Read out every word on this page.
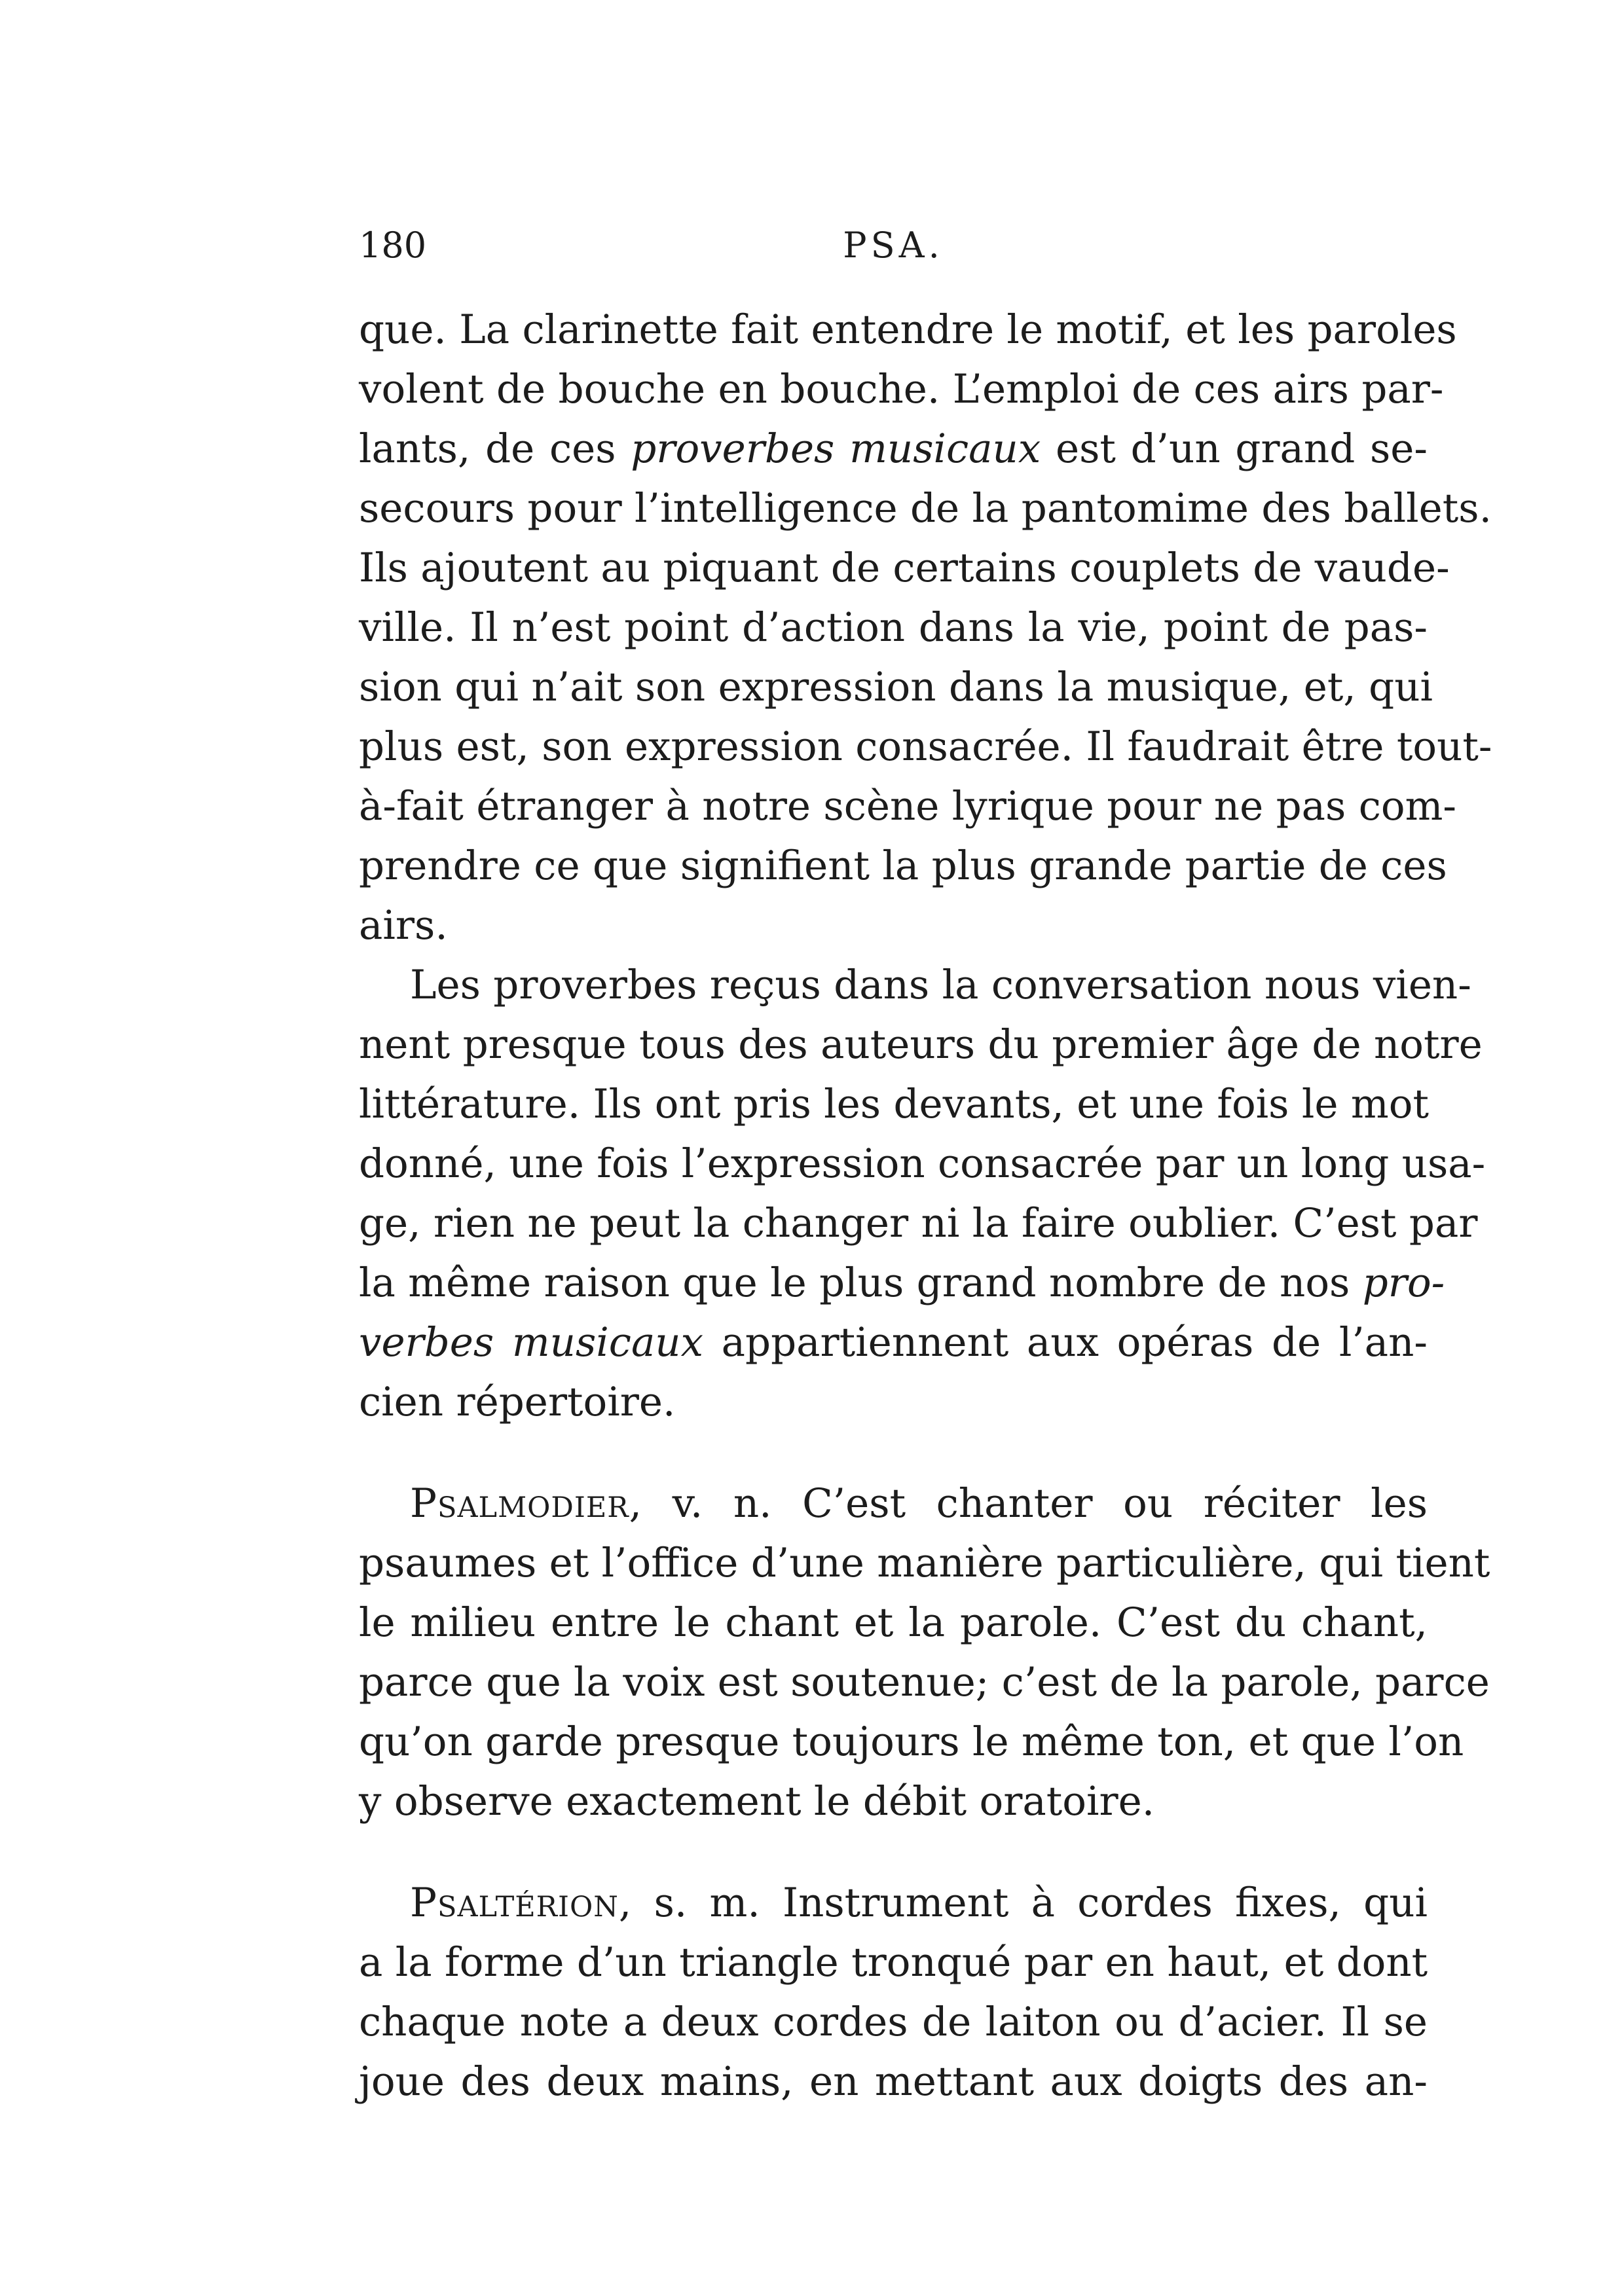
180	PSA.
que. La clarinette fait entendre le motif, et les paroles
volent de bouche en bouche. L’emploi de ces airs par-
lants, de ces proverbes musicaux est d’un grand se-
secours pour l’intelligence de la pantomime des ballets.
Ils ajoutent au piquant de certains couplets de vaude-
ville. Il n’est point d’action dans la vie, point de pas-
sion qui n’ait son expression dans la musique, et, qui
plus est, son expression consacrée. Il faudrait être tout-
à-fait étranger à notre scène lyrique pour ne pas com-
prendre ce que signifient la plus grande partie de ces
airs.
Les proverbes reçus dans la conversation nous vien-
nent presque tous des auteurs du premier âge de notre
littérature. Ils ont pris les devants, et une fois le mot
donné, une fois l’expression consacrée par un long usa-
ge, rien ne peut la changer ni la faire oublier. C’est par
la même raison que le plus grand nombre de nos pro-
verbes musicaux appartiennent aux opéras de l’an-
cien répertoire.
Psalmodier, v. n. C’est chanter ou réciter les
psaumes et l’office d’une manière particulière, qui tient
le milieu entre le chant et la parole. C’est du chant,
parce que la voix est soutenue; c’est de la parole, parce
qu’on garde presque toujours le même ton, et que l’on
y observe exactement le débit oratoire.
Psaltérion, s. m. Instrument à cordes fixes, qui
a la forme d’un triangle tronqué par en haut, et dont
chaque note a deux cordes de laiton ou d’acier. Il se
joue des deux mains, en mettant aux doigts des an-
